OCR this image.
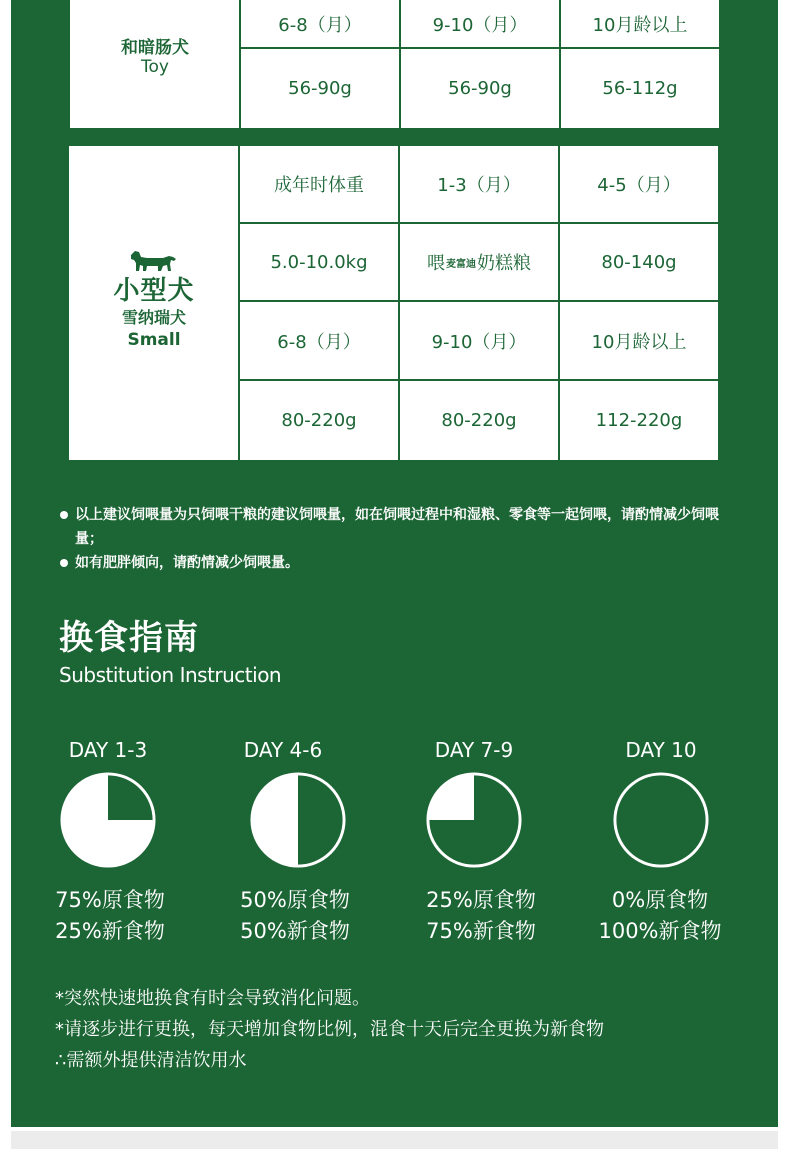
和暗肠犬
Toy
6-8（月）	9-10（月）	10月龄以上
56-90g	56-90g	56-112g
小型犬
雪纳瑞犬
Small
成年时体重	1-3（月）	4-5（月）
5.0-10.0kg	喂 麦富迪 奶糕粮	80-140g
6-8（月）	9-10（月）	10月龄以上
80-220g	80-220g	112-220g
以上建议饲喂量为只饲喂干粮的建议饲喂量，如在饲喂过程中和湿粮、零食等一起饲喂，请酌情减少饲喂量；
如有肥胖倾向，请酌情减少饲喂量。
换食指南
Substitution Instruction
DAY 1-3	DAY 4-6	DAY 7-9	DAY 10
75%原食物
25%新食物
50%原食物
50%新食物
25%原食物
75%新食物
0%原食物
100%新食物
*突然快速地换食有时会导致消化问题。
*请逐步进行更换，每天增加食物比例，混食十天后完全更换为新食物
∴需额外提供清洁饮用水
